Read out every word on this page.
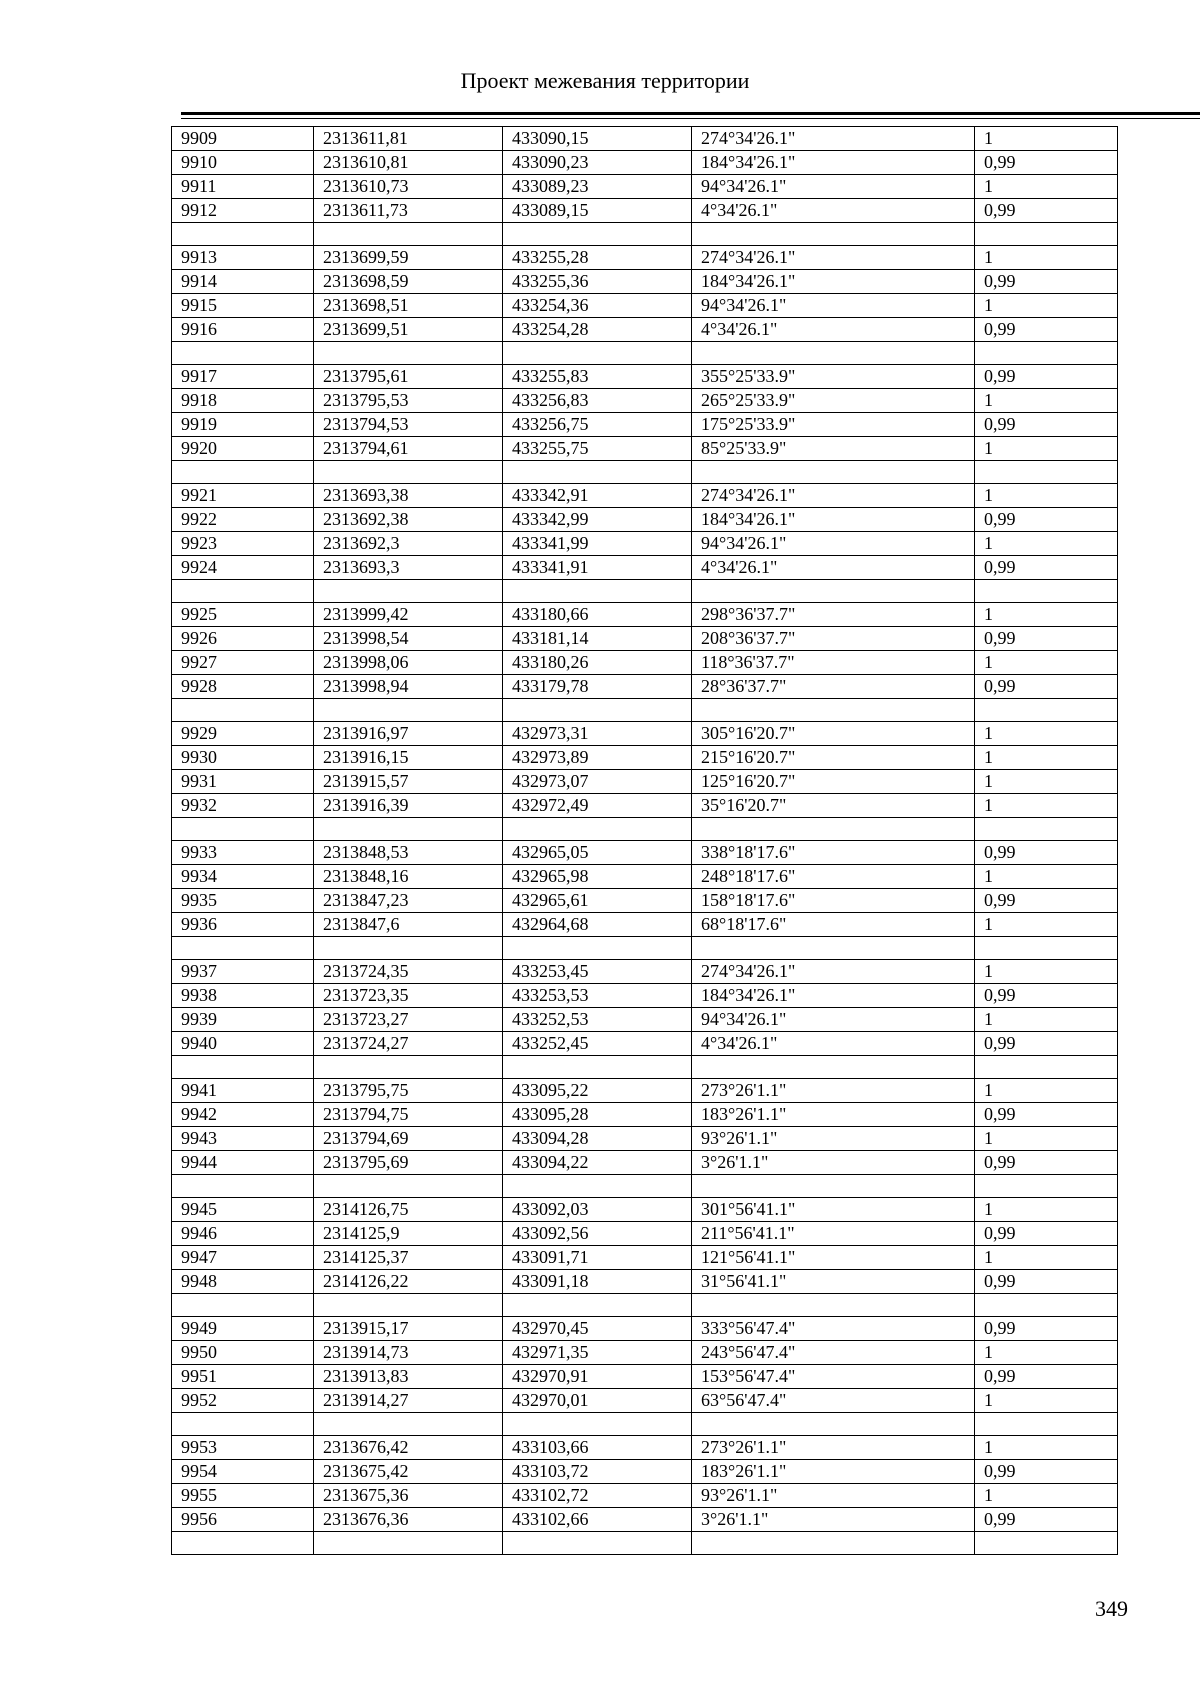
Проект межевания территории
9909	2313611,81	433090,15	274°34'26.1"	1
9910	2313610,81	433090,23	184°34'26.1"	0,99
9911	2313610,73	433089,23	94°34'26.1"	1
9912	2313611,73	433089,15	4°34'26.1"	0,99

9913	2313699,59	433255,28	274°34'26.1"	1
9914	2313698,59	433255,36	184°34'26.1"	0,99
9915	2313698,51	433254,36	94°34'26.1"	1
9916	2313699,51	433254,28	4°34'26.1"	0,99

9917	2313795,61	433255,83	355°25'33.9"	0,99
9918	2313795,53	433256,83	265°25'33.9"	1
9919	2313794,53	433256,75	175°25'33.9"	0,99
9920	2313794,61	433255,75	85°25'33.9"	1

9921	2313693,38	433342,91	274°34'26.1"	1
9922	2313692,38	433342,99	184°34'26.1"	0,99
9923	2313692,3	433341,99	94°34'26.1"	1
9924	2313693,3	433341,91	4°34'26.1"	0,99

9925	2313999,42	433180,66	298°36'37.7"	1
9926	2313998,54	433181,14	208°36'37.7"	0,99
9927	2313998,06	433180,26	118°36'37.7"	1
9928	2313998,94	433179,78	28°36'37.7"	0,99

9929	2313916,97	432973,31	305°16'20.7"	1
9930	2313916,15	432973,89	215°16'20.7"	1
9931	2313915,57	432973,07	125°16'20.7"	1
9932	2313916,39	432972,49	35°16'20.7"	1

9933	2313848,53	432965,05	338°18'17.6"	0,99
9934	2313848,16	432965,98	248°18'17.6"	1
9935	2313847,23	432965,61	158°18'17.6"	0,99
9936	2313847,6	432964,68	68°18'17.6"	1

9937	2313724,35	433253,45	274°34'26.1"	1
9938	2313723,35	433253,53	184°34'26.1"	0,99
9939	2313723,27	433252,53	94°34'26.1"	1
9940	2313724,27	433252,45	4°34'26.1"	0,99

9941	2313795,75	433095,22	273°26'1.1"	1
9942	2313794,75	433095,28	183°26'1.1"	0,99
9943	2313794,69	433094,28	93°26'1.1"	1
9944	2313795,69	433094,22	3°26'1.1"	0,99

9945	2314126,75	433092,03	301°56'41.1"	1
9946	2314125,9	433092,56	211°56'41.1"	0,99
9947	2314125,37	433091,71	121°56'41.1"	1
9948	2314126,22	433091,18	31°56'41.1"	0,99

9949	2313915,17	432970,45	333°56'47.4"	0,99
9950	2313914,73	432971,35	243°56'47.4"	1
9951	2313913,83	432970,91	153°56'47.4"	0,99
9952	2313914,27	432970,01	63°56'47.4"	1

9953	2313676,42	433103,66	273°26'1.1"	1
9954	2313675,42	433103,72	183°26'1.1"	0,99
9955	2313675,36	433102,72	93°26'1.1"	1
9956	2313676,36	433102,66	3°26'1.1"	0,99

349
